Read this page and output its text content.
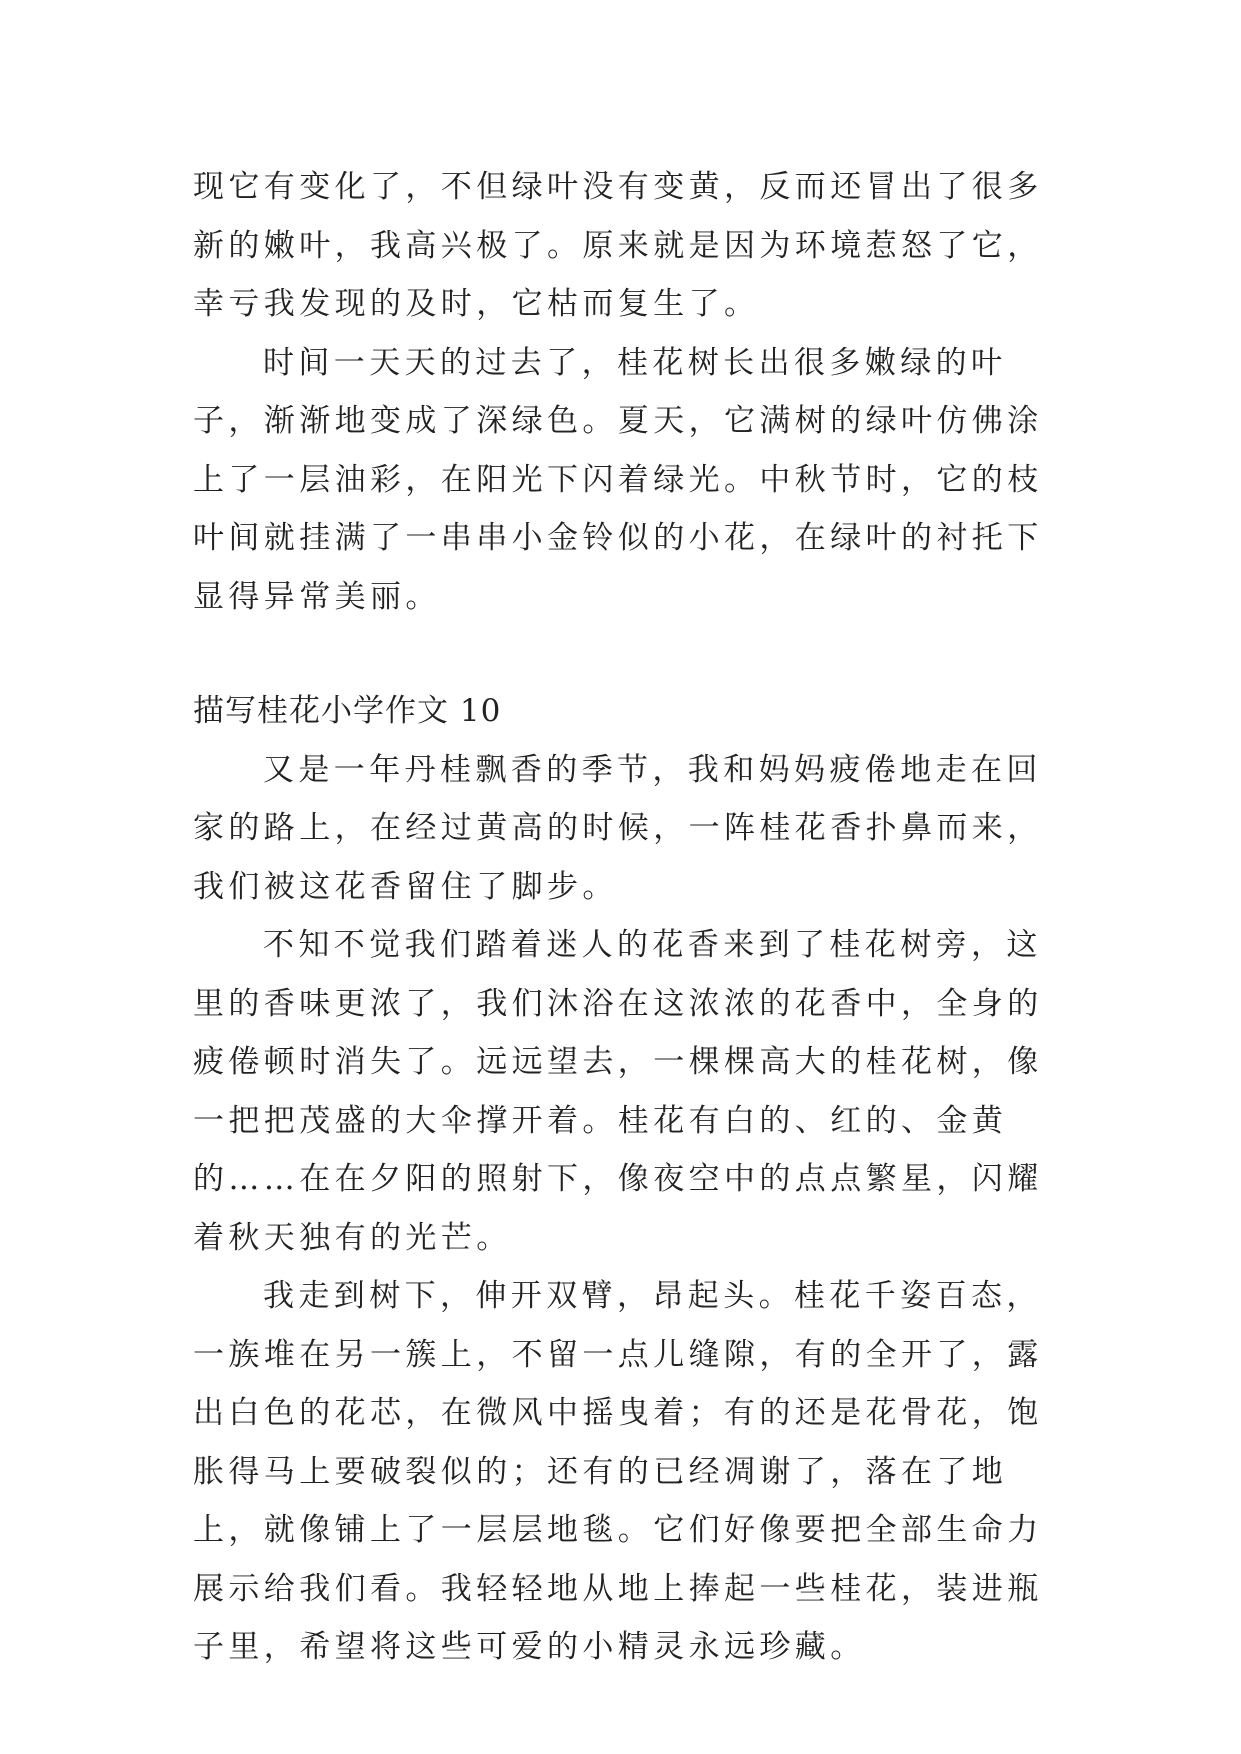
现它有变化了，不但绿叶没有变黄，反而还冒出了很多新的嫩叶，我高兴极了。原来就是因为环境惹怒了它，幸亏我发现的及时，它枯而复生了。

时间一天天的过去了，桂花树长出很多嫩绿的叶子，渐渐地变成了深绿色。夏天，它满树的绿叶仿佛涂上了一层油彩，在阳光下闪着绿光。中秋节时，它的枝叶间就挂满了一串串小金铃似的小花，在绿叶的衬托下显得异常美丽。

描写桂花小学作文 10

又是一年丹桂飘香的季节，我和妈妈疲倦地走在回家的路上，在经过黄高的时候，一阵桂花香扑鼻而来，我们被这花香留住了脚步。

不知不觉我们踏着迷人的花香来到了桂花树旁，这里的香味更浓了，我们沐浴在这浓浓的花香中，全身的疲倦顿时消失了。远远望去，一棵棵高大的桂花树，像一把把茂盛的大伞撑开着。桂花有白的、红的、金黄的……在在夕阳的照射下，像夜空中的点点繁星，闪耀着秋天独有的光芒。

我走到树下，伸开双臂，昂起头。桂花千姿百态，一族堆在另一簇上，不留一点儿缝隙，有的全开了，露出白色的花芯，在微风中摇曳着；有的还是花骨花，饱胀得马上要破裂似的；还有的已经凋谢了，落在了地上，就像铺上了一层层地毯。它们好像要把全部生命力展示给我们看。我轻轻地从地上捧起一些桂花，装进瓶子里，希望将这些可爱的小精灵永远珍藏。
